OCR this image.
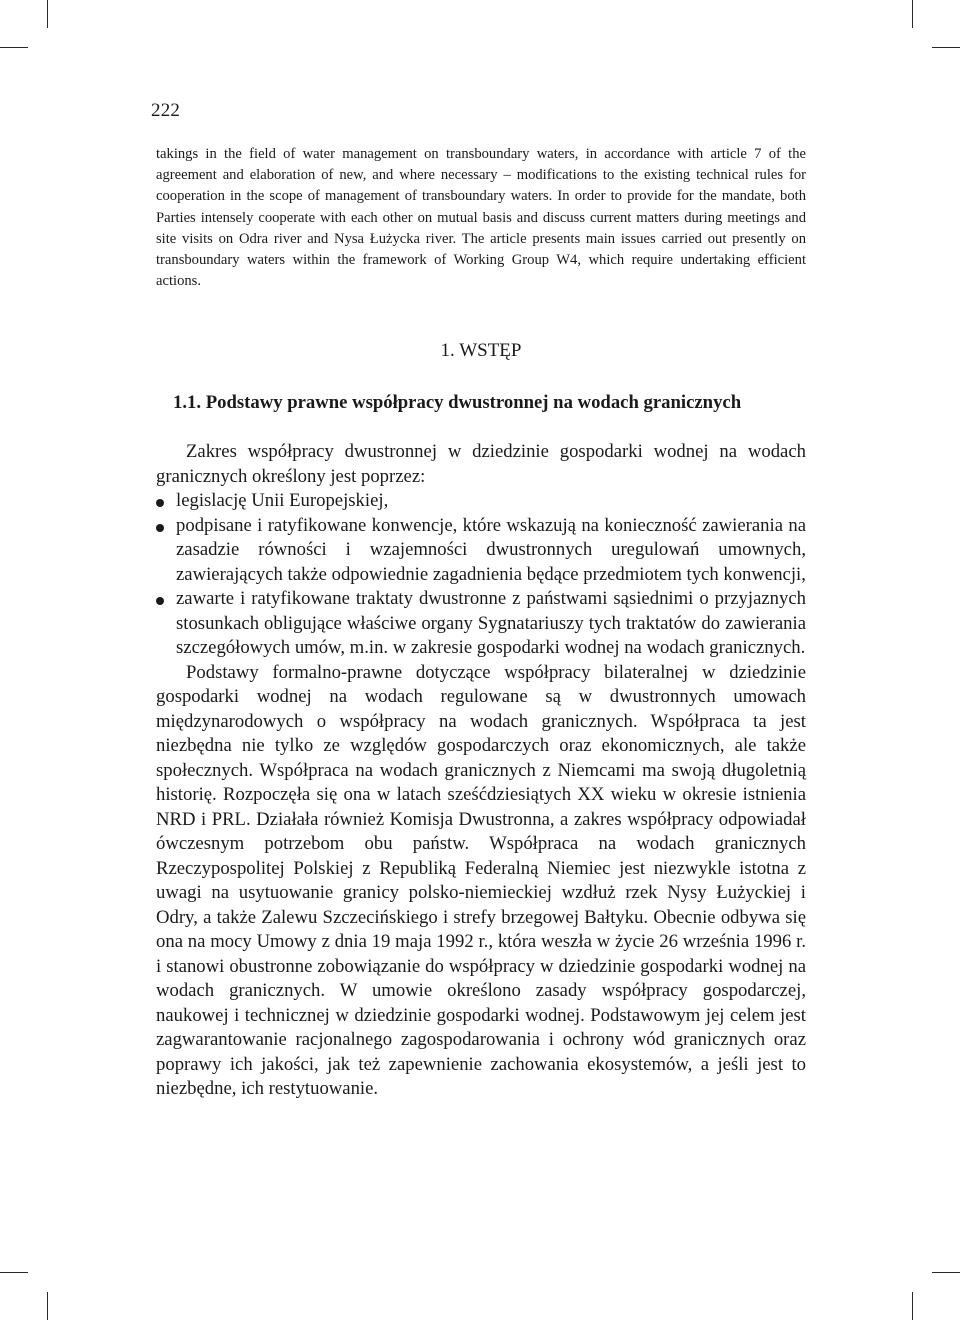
222

takings in the field of water management on transboundary waters, in accordance with article 7 of the agreement and elaboration of new, and where necessary – modifications to the existing technical rules for cooperation in the scope of management of transboundary waters. In order to provide for the mandate, both Parties intensely cooperate with each other on mutual basis and discuss current matters during meetings and site visits on Odra river and Nysa Łużycka river. The article presents main issues carried out presently on transboundary waters within the framework of Working Group W4, which require undertaking efficient actions.

1. WSTĘP
1.1. Podstawy prawne współpracy dwustronnej na wodach granicznych

Zakres współpracy dwustronnej w dziedzinie gospodarki wodnej na wodach granicznych określony jest poprzez:

legislację Unii Europejskiej,
podpisane i ratyfikowane konwencje, które wskazują na konieczność zawierania na zasadzie równości i wzajemności dwustronnych uregulowań umownych, zawierających także odpowiednie zagadnienia będące przedmiotem tych konwencji,
zawarte i ratyfikowane traktaty dwustronne z państwami sąsiednimi o przyjaznych stosunkach obligujące właściwe organy Sygnatariuszy tych traktatów do zawierania szczegółowych umów, m.in. w zakresie gospodarki wodnej na wodach granicznych.

Podstawy formalno-prawne dotyczące współpracy bilateralnej w dziedzinie gospodarki wodnej na wodach regulowane są w dwustronnych umowach międzynarodowych o współpracy na wodach granicznych. Współpraca ta jest niezbędna nie tylko ze względów gospodarczych oraz ekonomicznych, ale także społecznych. Współpraca na wodach granicznych z Niemcami ma swoją długoletnią historię. Rozpoczęła się ona w latach sześćdziesiątych XX wieku w okresie istnienia NRD i PRL. Działała również Komisja Dwustronna, a zakres współpracy odpowiadał ówczesnym potrzebom obu państw. Współpraca na wodach granicznych Rzeczypospolitej Polskiej z Republiką Federalną Niemiec jest niezwykle istotna z uwagi na usytuowanie granicy polsko-niemieckiej wzdłuż rzek Nysy Łużyckiej i Odry, a także Zalewu Szczecińskiego i strefy brzegowej Bałtyku. Obecnie odbywa się ona na mocy Umowy z dnia 19 maja 1992 r., która weszła w życie 26 września 1996 r. i stanowi obustronne zobowiązanie do współpracy w dziedzinie gospodarki wodnej na wodach granicznych. W umowie określono zasady współpracy gospodarczej, naukowej i technicznej w dziedzinie gospodarki wodnej. Podstawowym jej celem jest zagwarantowanie racjonalnego zagospodarowania i ochrony wód granicznych oraz poprawy ich jakości, jak też zapewnienie zachowania ekosystemów, a jeśli jest to niezbędne, ich restytuowanie.
